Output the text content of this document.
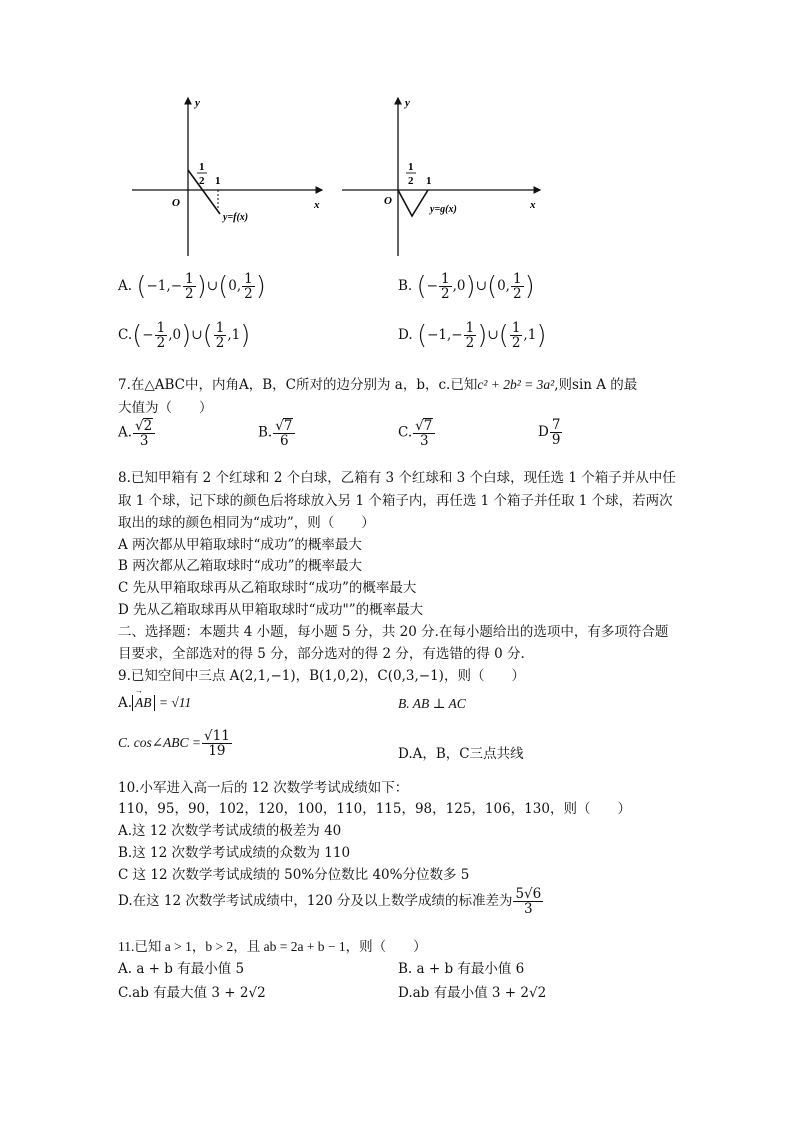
y
x
O
1
2 1
y=f(x)
y
x
O
1
2 1
y=g(x)
A. ($-1,- \frac{1}{2}$ )∪(0, $\frac{1}{2}$ )	B. (− $\frac{1}{2}$ ,0)∪(0, $\frac{1}{2}$ )
$C.(- \frac{1}{2}$ ,0)∪( $\frac{1}{2} ,1$)	D. ($-1,- \frac{1}{2}$ )∪( $\frac{1}{2} ,1$)
7.在△ABC中，内角A，B，C所对的边分别为 a，b，c.已知c² + 2b² = 3a²,则sin A 的最
大值为（　　）
A. $\frac{√2}{3}$	B. $\frac{√7}{6}$	C. $\frac{√7}{3}$	D $\frac{7}{9}$
8.已知甲箱有 2 个红球和 2 个白球，乙箱有 3 个红球和 3 个白球，现任选 1 个箱子并从中任
取 1 个球，记下球的颜色后将球放入另 1 个箱子内，再任选 1 个箱子并任取 1 个球，若两次
取出的球的颜色相同为“成功”，则（　　）
A 两次都从甲箱取球时“成功”的概率最大
B 两次都从乙箱取球时“成功”的概率最大
C 先从甲箱取球再从乙箱取球时“成功”的概率最大
D 先从乙箱取球再从甲箱取球时“成功"”的概率最大
二、选择题：本题共 4 小题，每小题 5 分，共 20 分.在每小题给出的选项中，有多项符合题
目要求，全部选对的得 5 分，部分选对的得 2 分，有选错的得 0 分.
9.已知空间中三点 A(2,1,−1)，B(1,0,2)，C(0,3,−1)，则（　　）
A.
→
AB = √11	B. AB ⊥ AC
C. cos∠ABC = $\frac{√11}{19}$	D.A，B，C三点共线
10.小军进入高一后的 12 次数学考试成绩如下：
110，95，90，102，120，100，110，115，98，125，106，130，则（　　）
A.这 12 次数学考试成绩的极差为 40
B.这 12 次数学考试成绩的众数为 110
C 这 12 次数学考试成绩的 50%分位数比 40%分位数多 5
D.在这 12 次数学考试成绩中，120 分及以上数学成绩的标准差为 $\frac{5√6}{3}$
11.已知 a > 1，b > 2，且 ab = 2a + b − 1，则（　　）
A. a + b 有最小值 5	B. a + b 有最小值 6
C.ab 有最大值 3 + 2√2	D.ab 有最小值 3 + 2√2
